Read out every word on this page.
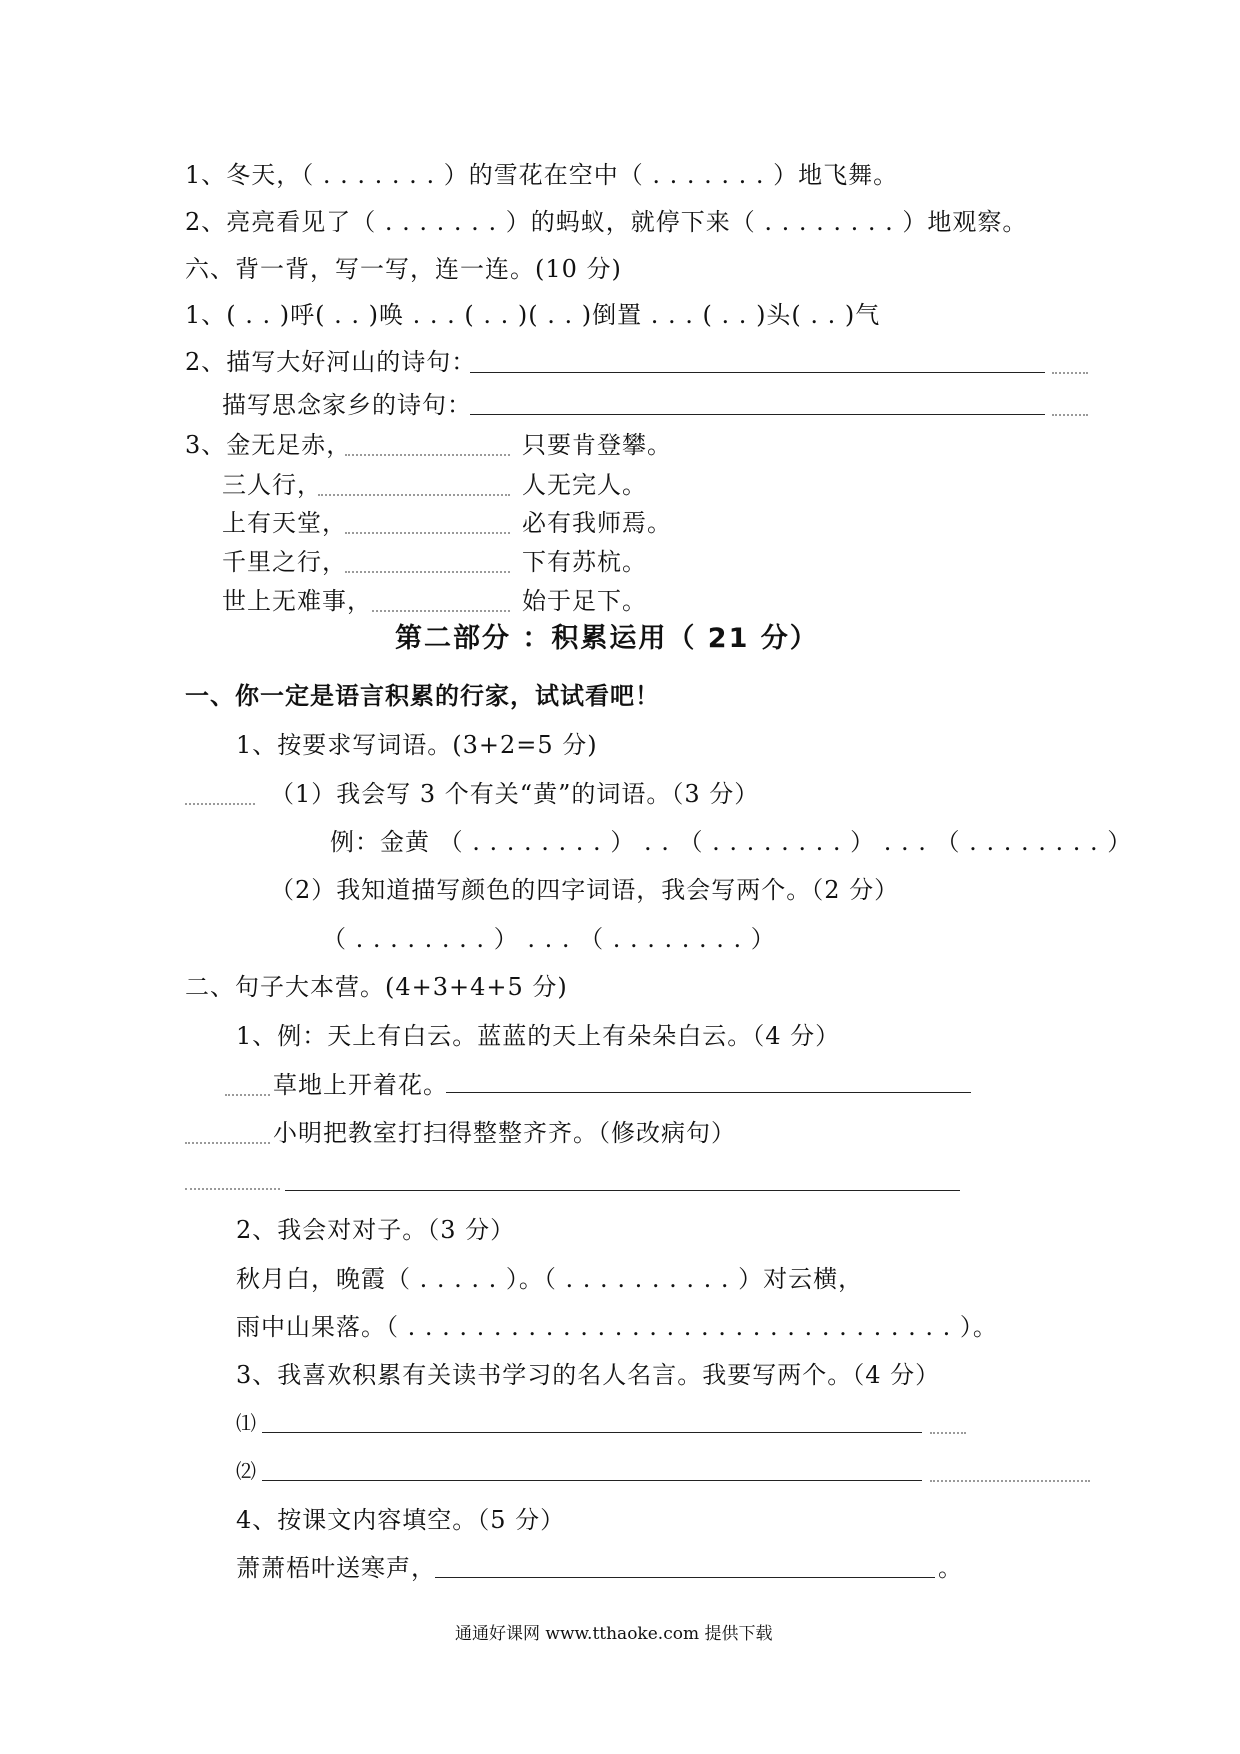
1、冬天，（ . . . . . . . ）的雪花在空中（ . . . . . . . ）地飞舞。
2、亮亮看见了（ . . . . . . . ）的蚂蚁，就停下来（ . . . . . . . . ）地观察。
六、背一背，写一写，连一连。(10 分)
1、( . . )呼( . . )唤 . . . ( . . )( . . )倒置 . . . ( . . )头( . . )气
2、描写大好河山的诗句：
描写思念家乡的诗句：
3、金无足赤，	只要肯登攀。
三人行，	人无完人。
上有天堂，	必有我师焉。
千里之行，	下有苏杭。
世上无难事，	始于足下。
第二部分 ：积累运用（ 21 分）
一、你一定是语言积累的行家，试试看吧！
1、按要求写词语。(3+2=5 分)
（1）我会写 3 个有关“黄”的词语。（3 分）
例：金黄 （ . . . . . . . . ） . . （ . . . . . . . . ） . . . （ . . . . . . . . ）
（2）我知道描写颜色的四字词语，我会写两个。（2 分）
（ . . . . . . . . ） . . . （ . . . . . . . . ）
二、句子大本营。(4+3+4+5 分)
1、例：天上有白云。蓝蓝的天上有朵朵白云。（4 分）
草地上开着花。
小明把教室打扫得整整齐齐。（修改病句）
2、我会对对子。（3 分）
秋月白，晚霞（ . . . . . ）。（ . . . . . . . . . . ）对云横，
雨中山果落。（ . . . . . . . . . . . . . . . . . . . . . . . . . . . . . . . . ）。
3、我喜欢积累有关读书学习的名人名言。我要写两个。（4 分）
⑴
⑵
4、按课文内容填空。（5 分）
萧萧梧叶送寒声，	。
通通好课网 www.tthaoke.com 提供下载
